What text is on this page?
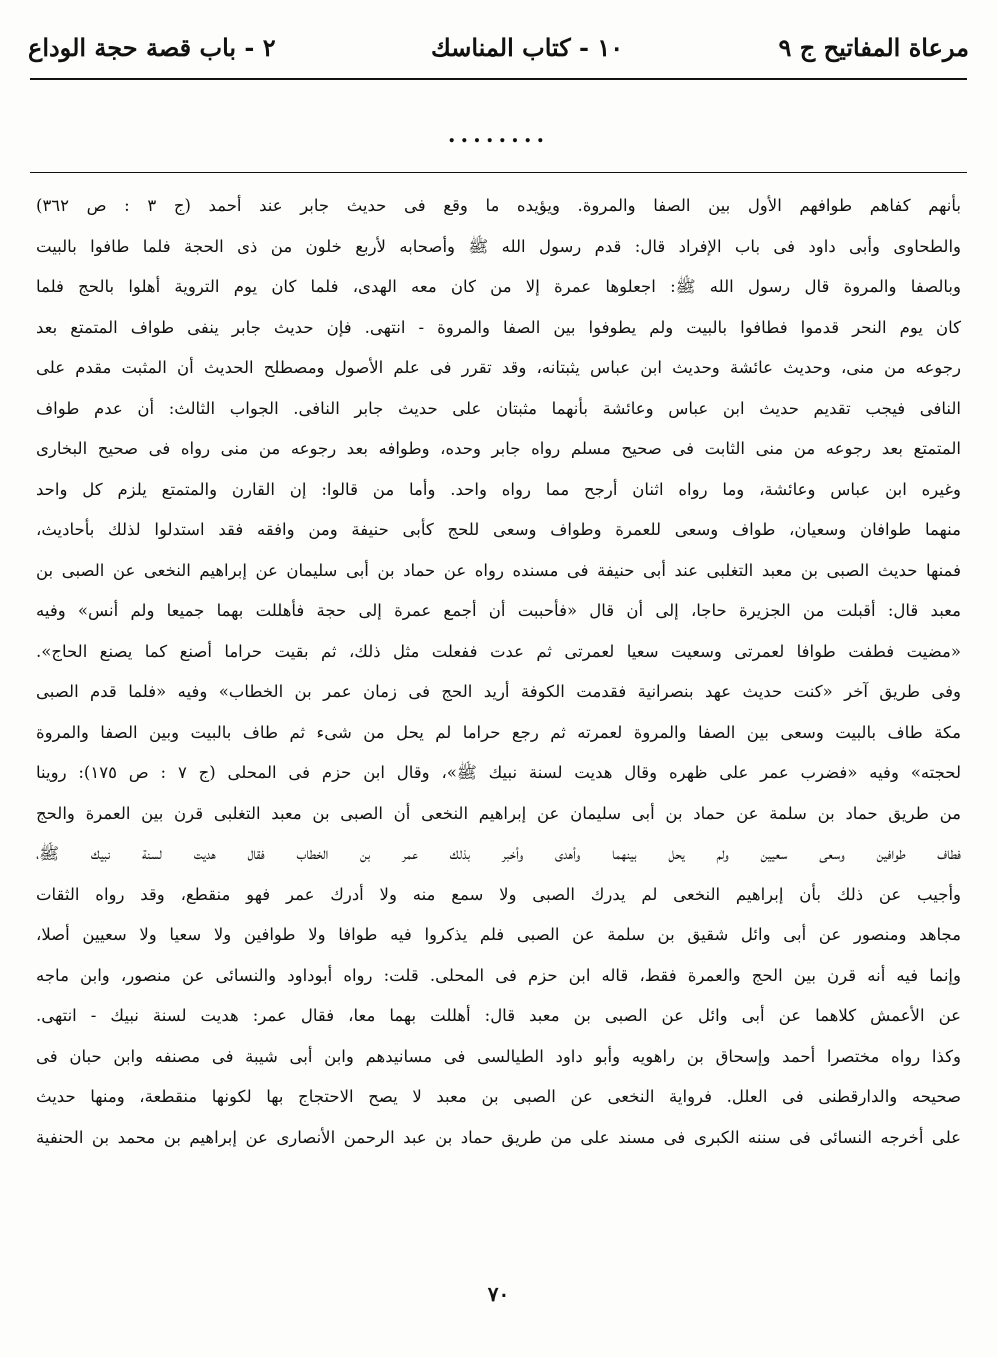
مرعاة المفاتيح ج ٩
١٠ - كتاب المناسك
٢ - باب قصة حجة الوداع
........
بأنهم كفاهم طوافهم الأول بين الصفا والمروة. ويؤيده ما وقع فى حديث جابر عند أحمد (ج ٣ : ص ٣٦٢)
والطحاوى وأبى داود فى باب الإفراد قال: قدم رسول الله ﷺ وأصحابه لأربع خلون من ذى الحجة فلما طافوا بالبيت
وبالصفا والمروة قال رسول الله ﷺ: اجعلوها عمرة إلا من كان معه الهدى، فلما كان يوم التروية أهلوا بالحج فلما
كان يوم النحر قدموا فطافوا بالبيت ولم يطوفوا بين الصفا والمروة - انتهى. فإن حديث جابر ينفى طواف المتمتع بعد
رجوعه من منى، وحديث عائشة وحديث ابن عباس يثبتانه، وقد تقرر فى علم الأصول ومصطلح الحديث أن المثبت مقدم على
النافى فيجب تقديم حديث ابن عباس وعائشة بأنهما مثبتان على حديث جابر النافى. الجواب الثالث: أن عدم طواف
المتمتع بعد رجوعه من منى الثابت فى صحيح مسلم رواه جابر وحده، وطوافه بعد رجوعه من منى رواه فى صحيح البخارى
وغيره ابن عباس وعائشة، وما رواه اثنان أرجح مما رواه واحد. وأما من قالوا: إن القارن والمتمتع يلزم كل واحد
منهما طوافان وسعيان، طواف وسعى للعمرة وطواف وسعى للحج كأبى حنيفة ومن وافقه فقد استدلوا لذلك بأحاديث،
فمنها حديث الصبى بن معبد التغلبى عند أبى حنيفة فى مسنده رواه عن حماد بن أبى سليمان عن إبراهيم النخعى عن الصبى بن
معبد قال: أقبلت من الجزيرة حاجا، إلى أن قال «فأحببت أن أجمع عمرة إلى حجة فأهللت بهما جميعا ولم أنس» وفيه
«مضيت فطفت طوافا لعمرتى وسعيت سعيا لعمرتى ثم عدت ففعلت مثل ذلك، ثم بقيت حراما أصنع كما يصنع الحاج».
وفى طريق آخر «كنت حديث عهد بنصرانية فقدمت الكوفة أريد الحج فى زمان عمر بن الخطاب» وفيه «فلما قدم الصبى
مكة طاف بالبيت وسعى بين الصفا والمروة لعمرته ثم رجع حراما لم يحل من شىء ثم طاف بالبيت وبين الصفا والمروة
لحجته» وفيه «فضرب عمر على ظهره وقال هديت لسنة نبيك ﷺ»، وقال ابن حزم فى المحلى (ج ٧ : ص ١٧٥): روينا
من طريق حماد بن سلمة عن حماد بن أبى سليمان عن إبراهيم النخعى أن الصبى بن معبد التغلبى قرن بين العمرة والحج
فطاف طوافين وسعى سعيين ولم يحل بينهما وأهدى وأخبر بذلك عمر بن الخطاب فقال هديت لسنة نبيك ﷺ،
وأجيب عن ذلك بأن إبراهيم النخعى لم يدرك الصبى ولا سمع منه ولا أدرك عمر فهو منقطع، وقد رواه الثقات
مجاهد ومنصور عن أبى وائل شقيق بن سلمة عن الصبى فلم يذكروا فيه طوافا ولا طوافين ولا سعيا ولا سعيين أصلا،
وإنما فيه أنه قرن بين الحج والعمرة فقط، قاله ابن حزم فى المحلى. قلت: رواه أبوداود والنسائى عن منصور، وابن ماجه
عن الأعمش كلاهما عن أبى وائل عن الصبى بن معبد قال: أهللت بهما معا، فقال عمر: هديت لسنة نبيك - انتهى.
وكذا رواه مختصرا أحمد وإسحاق بن راهويه وأبو داود الطيالسى فى مسانيدهم وابن أبى شيبة فى مصنفه وابن حبان فى
صحيحه والدارقطنى فى العلل. فرواية النخعى عن الصبى بن معبد لا يصح الاحتجاج بها لكونها منقطعة، ومنها حديث
على أخرجه النسائى فى سننه الكبرى فى مسند على من طريق حماد بن عبد الرحمن الأنصارى عن إبراهيم بن محمد بن الحنفية
٧٠
